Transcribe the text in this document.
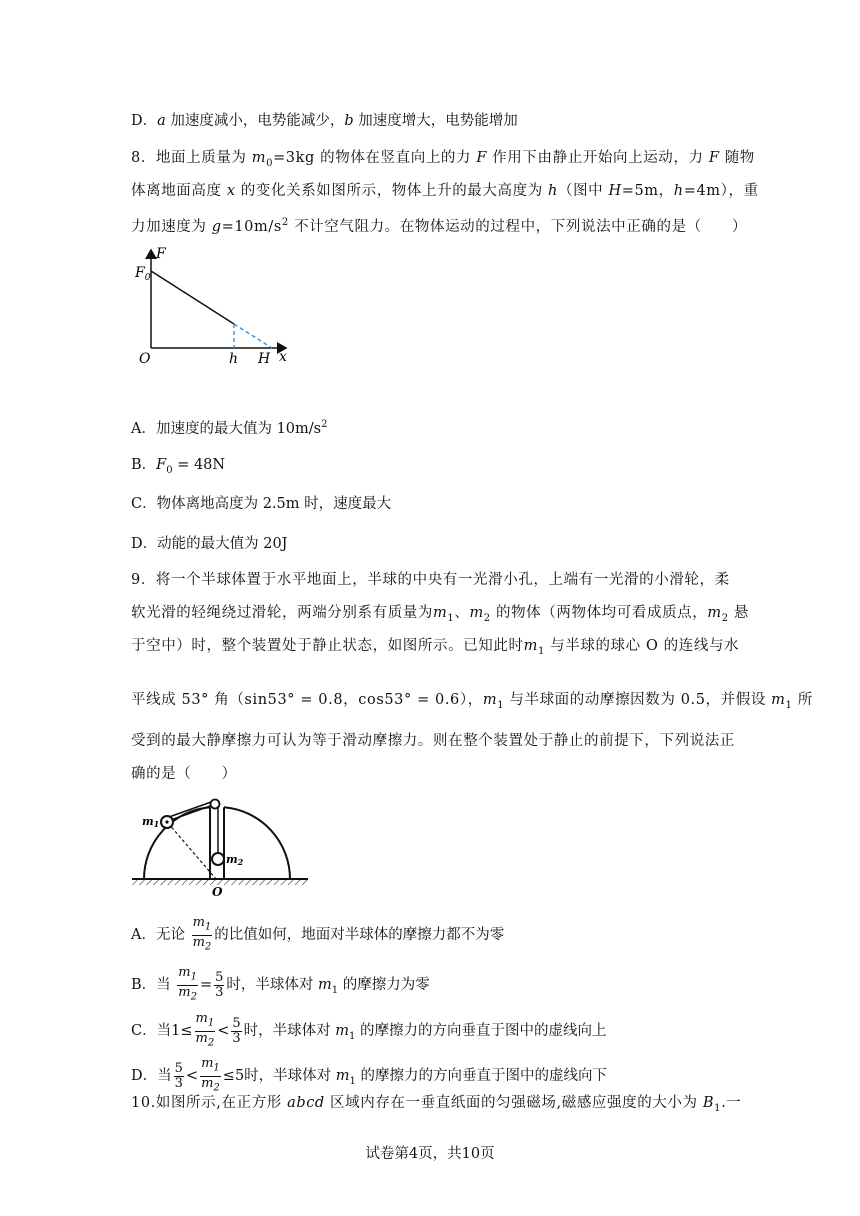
D．a 加速度减小，电势能减少，b 加速度增大，电势能增加
8．地面上质量为 $m_0=3kg$ 的物体在竖直向上的力 F 作用下由静止开始向上运动，力 F 随物
体离地面高度 x 的变化关系如图所示，物体上升的最大高度为 h（图中 H=5m，h=4m），重
力加速度为 $g=10m/s^2$ 不计空气阻力。在物体运动的过程中，下列说法中正确的是（　　）
F
$F_0$
O	h H x
A．加速度的最大值为 $10m/s^2$
B．$F_0 = 48N$
C．物体离地高度为 2.5m 时，速度最大
D．动能的最大值为 20J
9．将一个半球体置于水平地面上，半球的中央有一光滑小孔，上端有一光滑的小滑轮，柔
软光滑的轻绳绕过滑轮，两端分别系有质量为$m_1$、$m_2$ 的物体（两物体均可看成质点，$m_2$ 悬
于空中）时，整个装置处于静止状态，如图所示。已知此时$m_1$ 与半球的球心 O 的连线与水
平线成 53° 角（sin53° = 0.8，cos53° = 0.6），$m_1$ 与半球面的动摩擦因数为 0.5，并假设 $m_1$ 所
受到的最大静摩擦力可认为等于滑动摩擦力。则在整个装置处于静止的前提下，下列说法正
确的是（　　）
m1
m2
O
A．无论 $\frac{m_1}{m_2}$ 的比值如何，地面对半球体的摩擦力都不为零
B．当 $\frac{m_1}{m_2} = \frac{5}{3}$ 时，半球体对 $m_1$ 的摩擦力为零
C．当$1\le \frac{m_1}{m_2} < \frac{5}{3}$ 时，半球体对 $m_1$ 的摩擦力的方向垂直于图中的虚线向上
D．当 $\frac{5}{3} < \frac{m_1}{m_2} \le 5$时，半球体对 $m_1$ 的摩擦力的方向垂直于图中的虚线向下
10.如图所示,在正方形 abcd 区域内存在一垂直纸面的匀强磁场,磁感应强度的大小为 $B_1$.一
试卷第4页，共10页
